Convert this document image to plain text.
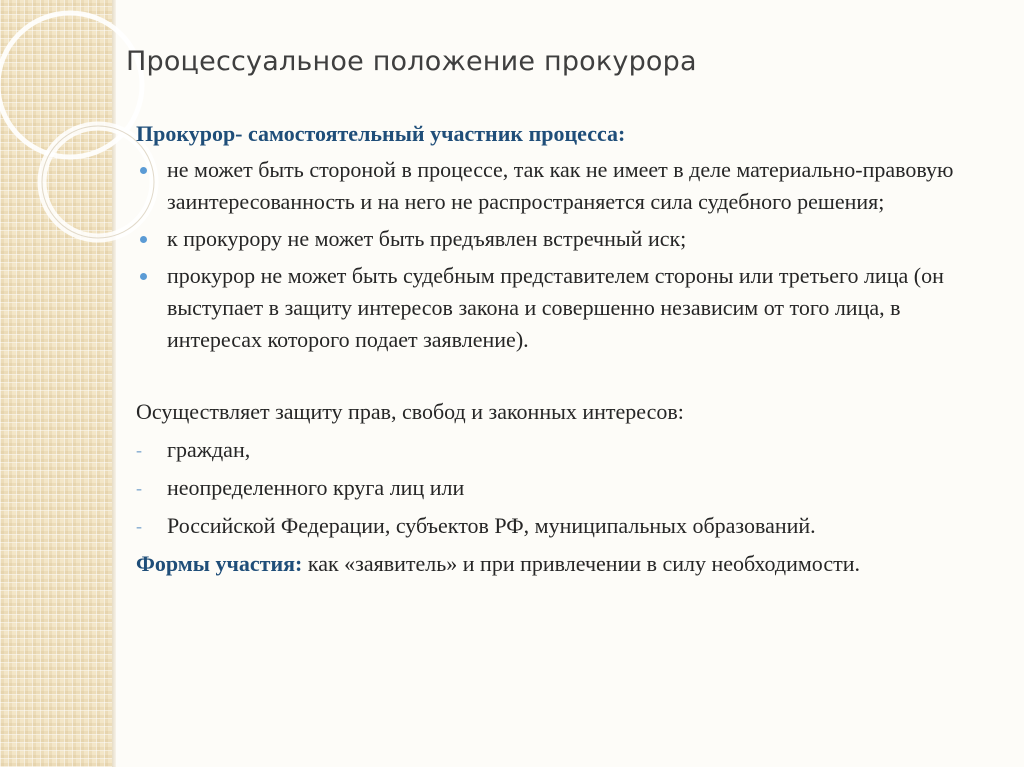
Процессуальное положение прокурора
Прокурор- самостоятельный участник процесса:
не может быть стороной в процессе, так как не имеет в деле материально-правовую заинтересованность и на него не распространяется сила судебного решения;
к прокурору не может быть предъявлен встречный иск;
прокурор не может быть судебным представителем стороны или третьего лица (он выступает в защиту интересов закона и совершенно независим от того лица, в интересах которого подает заявление).
Осуществляет защиту прав, свобод и законных интересов:
- граждан,
- неопределенного круга лиц или
- Российской Федерации, субъектов РФ, муниципальных образований.
Формы участия: как «заявитель» и при привлечении в силу необходимости.
